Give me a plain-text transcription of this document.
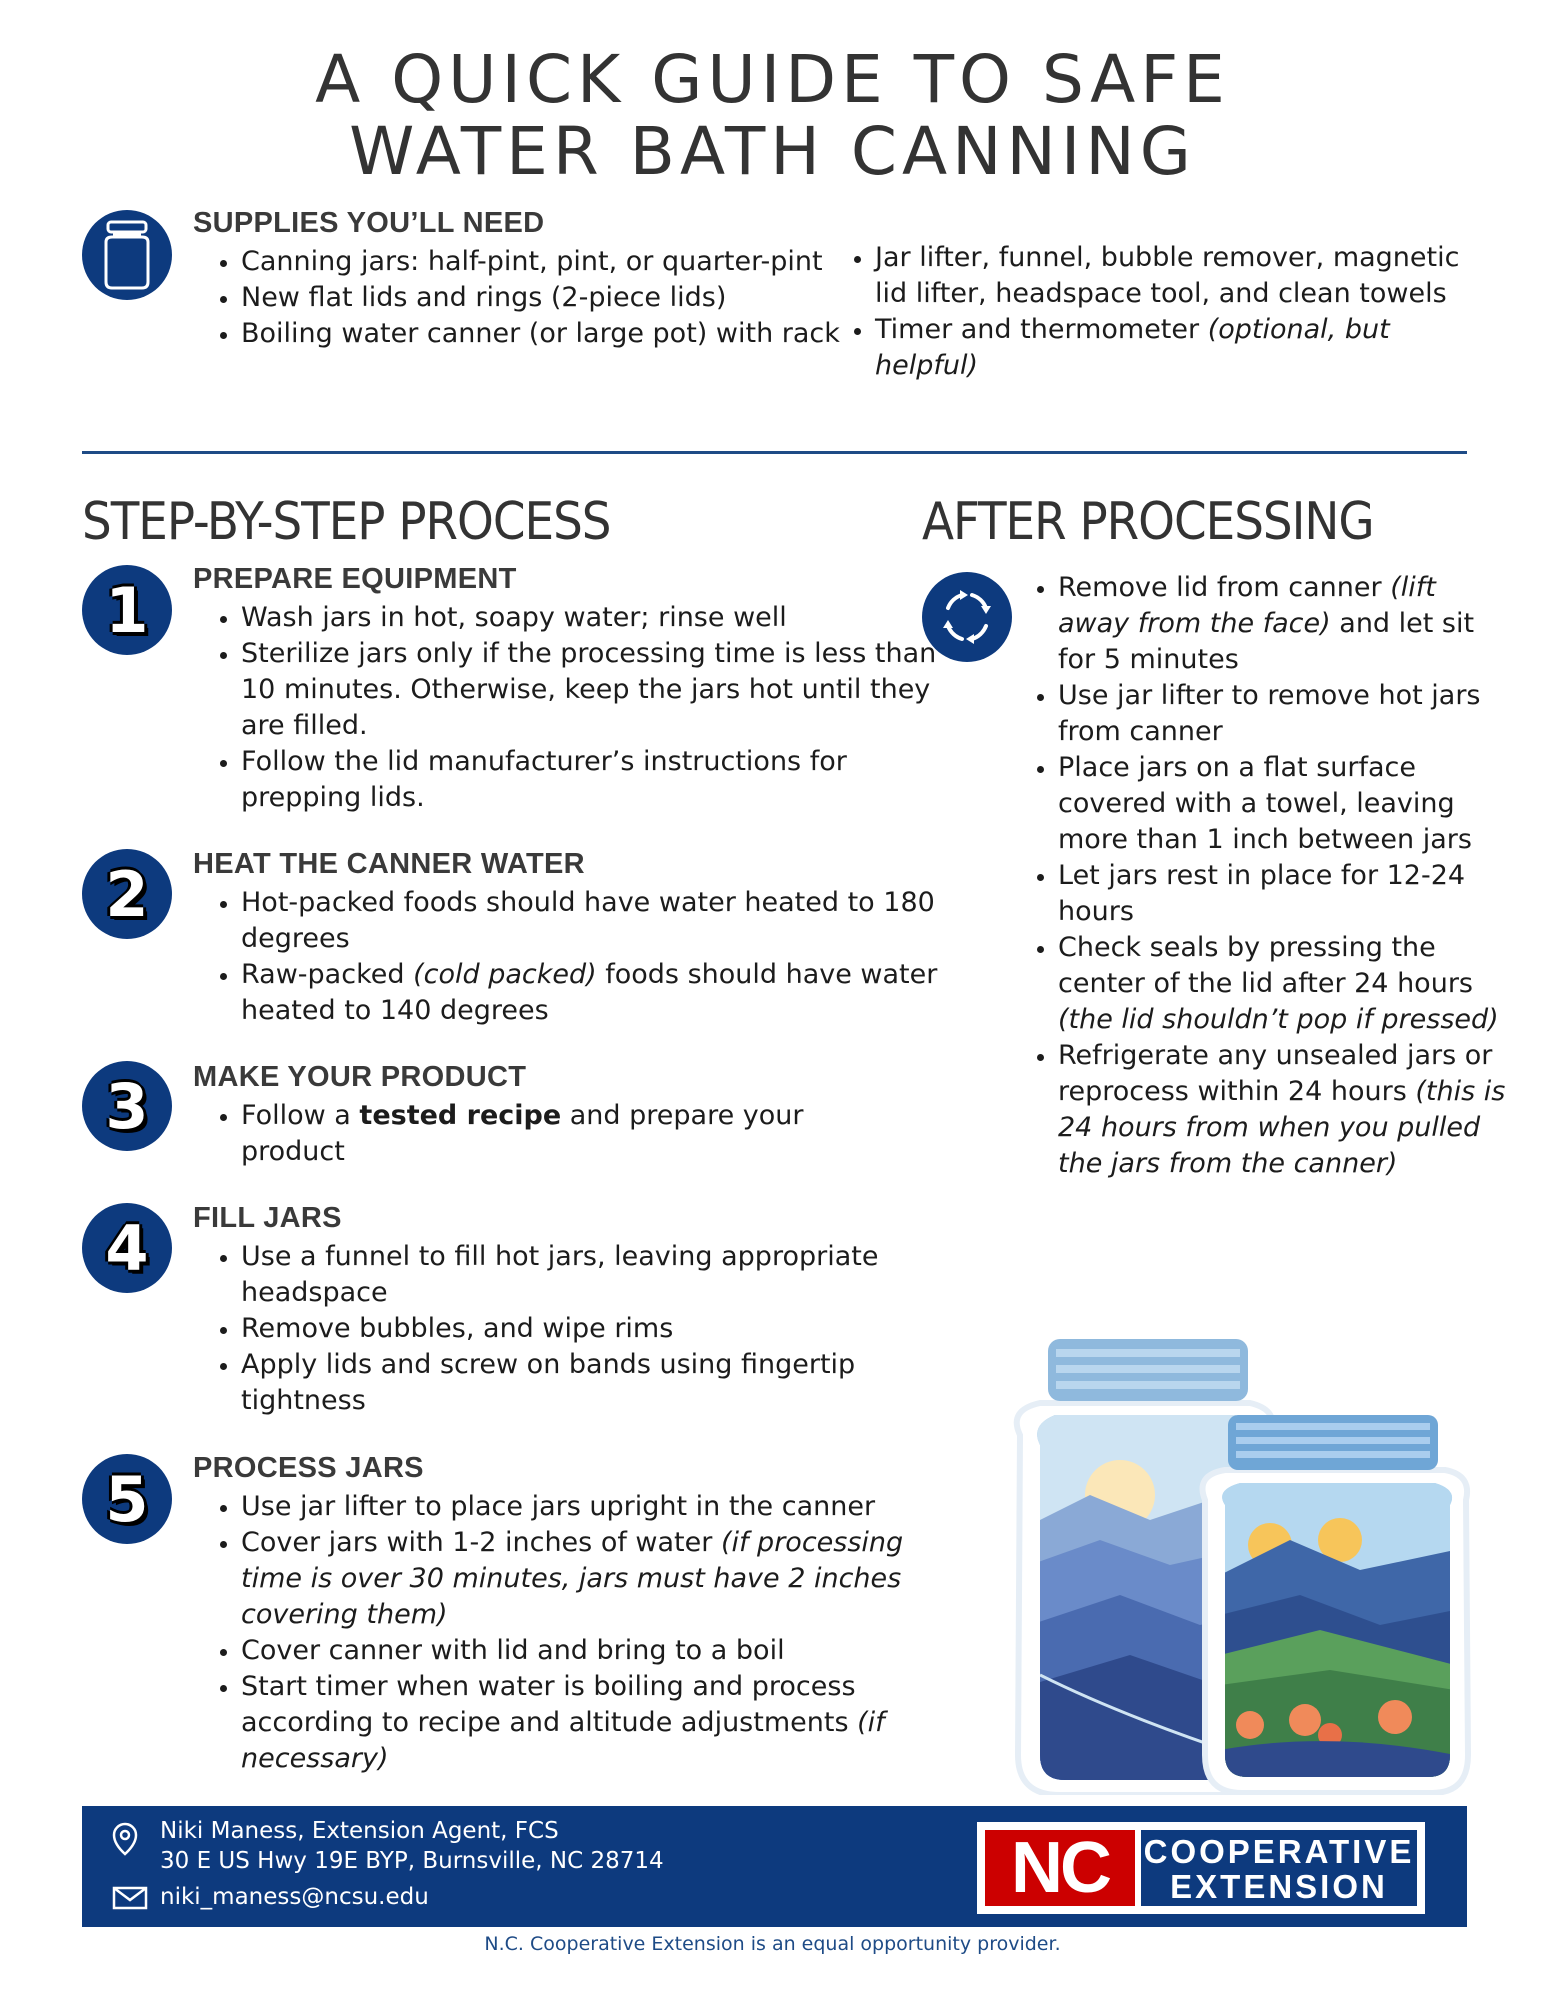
A QUICK GUIDE TO SAFE
WATER BATH CANNING
SUPPLIES YOU’LL NEED
• Canning jars: half-pint, pint, or quarter-pint
• New flat lids and rings (2-piece lids)
• Boiling water canner (or large pot) with rack
• Jar lifter, funnel, bubble remover, magnetic lid lifter, headspace tool, and clean towels
• Timer and thermometer (optional, but helpful)
STEP-BY-STEP PROCESS
1 PREPARE EQUIPMENT
• Wash jars in hot, soapy water; rinse well
• Sterilize jars only if the processing time is less than 10 minutes. Otherwise, keep the jars hot until they are filled.
• Follow the lid manufacturer’s instructions for prepping lids.
2 HEAT THE CANNER WATER
• Hot-packed foods should have water heated to 180 degrees
• Raw-packed (cold packed) foods should have water heated to 140 degrees
3 MAKE YOUR PRODUCT
• Follow a tested recipe and prepare your product
4 FILL JARS
• Use a funnel to fill hot jars, leaving appropriate headspace
• Remove bubbles, and wipe rims
• Apply lids and screw on bands using fingertip tightness
5 PROCESS JARS
• Use jar lifter to place jars upright in the canner
• Cover jars with 1-2 inches of water (if processing time is over 30 minutes, jars must have 2 inches covering them)
• Cover canner with lid and bring to a boil
• Start timer when water is boiling and process according to recipe and altitude adjustments (if necessary)
AFTER PROCESSING
• Remove lid from canner (lift away from the face) and let sit for 5 minutes
• Use jar lifter to remove hot jars from canner
• Place jars on a flat surface covered with a towel, leaving more than 1 inch between jars
• Let jars rest in place for 12-24 hours
• Check seals by pressing the center of the lid after 24 hours (the lid shouldn’t pop if pressed)
• Refrigerate any unsealed jars or reprocess within 24 hours (this is 24 hours from when you pulled the jars from the canner)
Niki Maness, Extension Agent, FCS
30 E US Hwy 19E BYP, Burnsville, NC 28714
niki_maness@ncsu.edu	NC	COOPERATIVE
EXTENSION
N.C. Cooperative Extension is an equal opportunity provider.
